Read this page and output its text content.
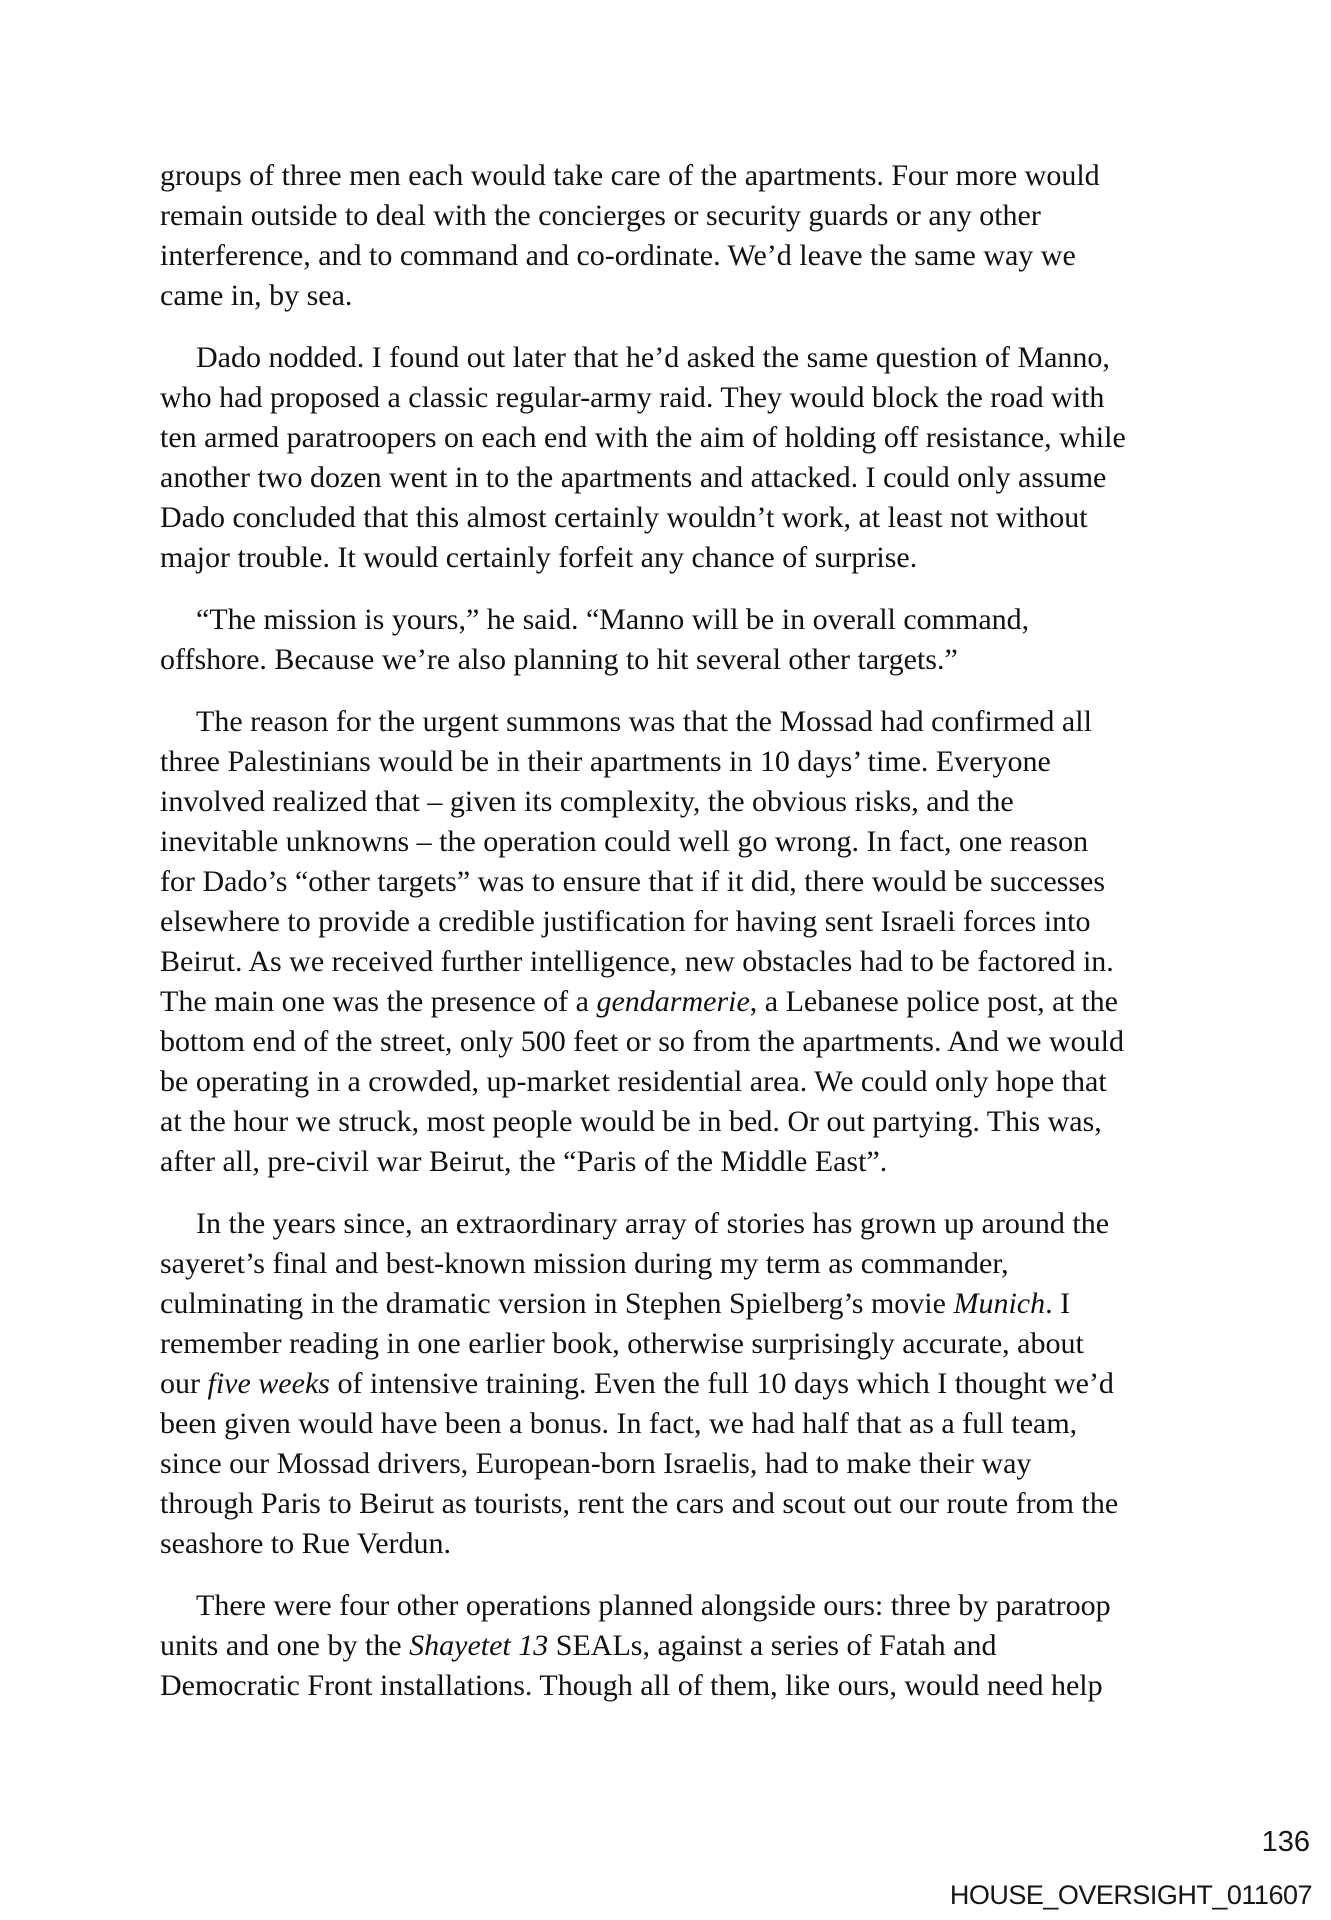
groups of three men each would take care of the apartments. Four more would
remain outside to deal with the concierges or security guards or any other
interference, and to command and co-ordinate. We’d leave the same way we
came in, by sea.

Dado nodded. I found out later that he’d asked the same question of Manno,
who had proposed a classic regular-army raid. They would block the road with
ten armed paratroopers on each end with the aim of holding off resistance, while
another two dozen went in to the apartments and attacked. I could only assume
Dado concluded that this almost certainly wouldn’t work, at least not without
major trouble. It would certainly forfeit any chance of surprise.

“The mission is yours,” he said. “Manno will be in overall command,
offshore. Because we’re also planning to hit several other targets.”

The reason for the urgent summons was that the Mossad had confirmed all
three Palestinians would be in their apartments in 10 days’ time. Everyone
involved realized that – given its complexity, the obvious risks, and the
inevitable unknowns – the operation could well go wrong. In fact, one reason
for Dado’s “other targets” was to ensure that if it did, there would be successes
elsewhere to provide a credible justification for having sent Israeli forces into
Beirut. As we received further intelligence, new obstacles had to be factored in.
The main one was the presence of a gendarmerie, a Lebanese police post, at the
bottom end of the street, only 500 feet or so from the apartments. And we would
be operating in a crowded, up-market residential area. We could only hope that
at the hour we struck, most people would be in bed. Or out partying. This was,
after all, pre-civil war Beirut, the “Paris of the Middle East”.

In the years since, an extraordinary array of stories has grown up around the
sayeret’s final and best-known mission during my term as commander,
culminating in the dramatic version in Stephen Spielberg’s movie Munich. I
remember reading in one earlier book, otherwise surprisingly accurate, about
our five weeks of intensive training. Even the full 10 days which I thought we’d
been given would have been a bonus. In fact, we had half that as a full team,
since our Mossad drivers, European-born Israelis, had to make their way
through Paris to Beirut as tourists, rent the cars and scout out our route from the
seashore to Rue Verdun.

There were four other operations planned alongside ours: three by paratroop
units and one by the Shayetet 13 SEALs, against a series of Fatah and
Democratic Front installations. Though all of them, like ours, would need help

136
HOUSE_OVERSIGHT_011607
